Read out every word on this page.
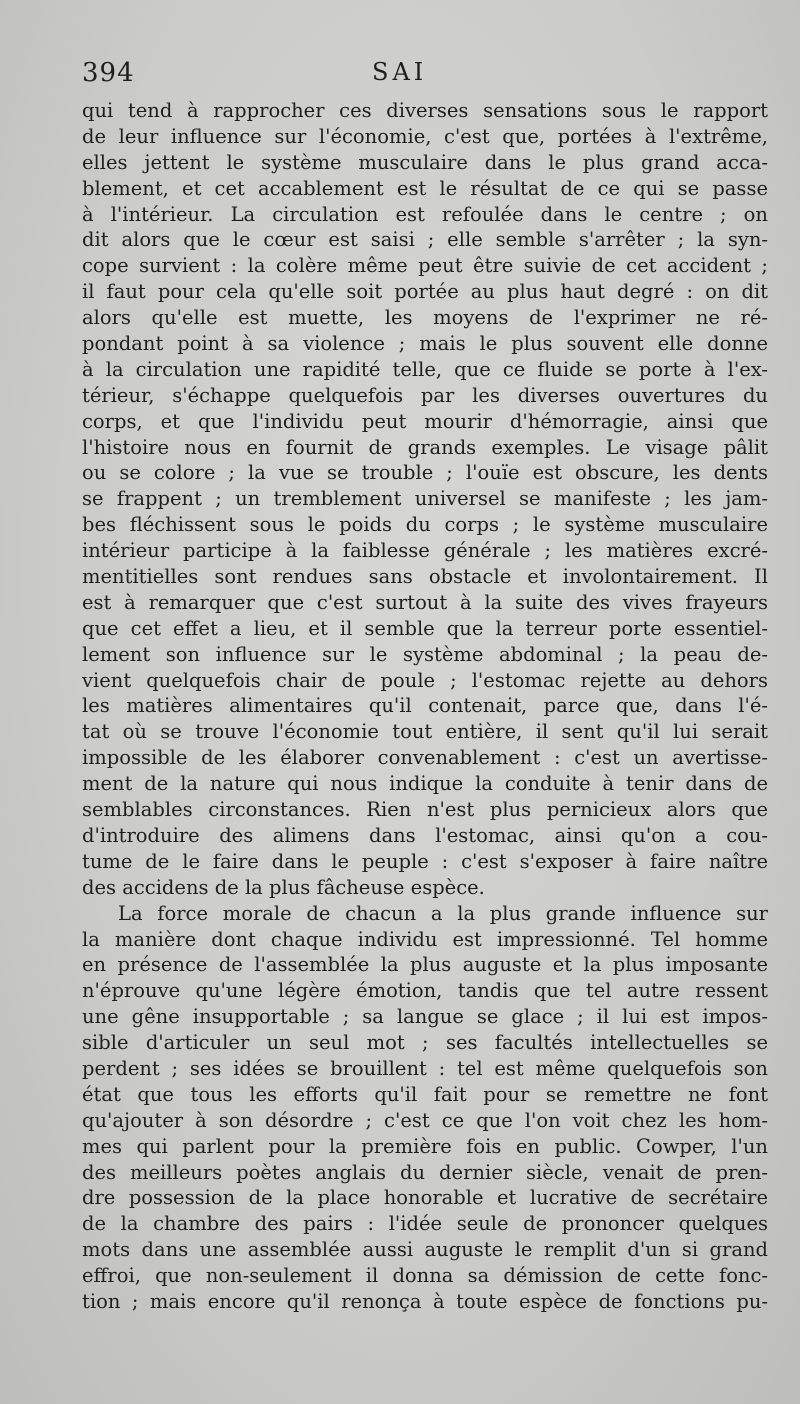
394	SAI
qui tend à rapprocher ces diverses sensations sous le rapport
de leur influence sur l'économie, c'est que, portées à l'extrême,
elles jettent le système musculaire dans le plus grand acca-
blement, et cet accablement est le résultat de ce qui se passe
à l'intérieur. La circulation est refoulée dans le centre ; on
dit alors que le cœur est saisi ; elle semble s'arrêter ; la syn-
cope survient : la colère même peut être suivie de cet accident ;
il faut pour cela qu'elle soit portée au plus haut degré : on dit
alors qu'elle est muette, les moyens de l'exprimer ne ré-
pondant point à sa violence ; mais le plus souvent elle donne
à la circulation une rapidité telle, que ce fluide se porte à l'ex-
térieur, s'échappe quelquefois par les diverses ouvertures du
corps, et que l'individu peut mourir d'hémorragie, ainsi que
l'histoire nous en fournit de grands exemples. Le visage pâlit
ou se colore ; la vue se trouble ; l'ouïe est obscure, les dents
se frappent ; un tremblement universel se manifeste ; les jam-
bes fléchissent sous le poids du corps ; le système musculaire
intérieur participe à la faiblesse générale ; les matières excré-
mentitielles sont rendues sans obstacle et involontairement. Il
est à remarquer que c'est surtout à la suite des vives frayeurs
que cet effet a lieu, et il semble que la terreur porte essentiel-
lement son influence sur le système abdominal ; la peau de-
vient quelquefois chair de poule ; l'estomac rejette au dehors
les matières alimentaires qu'il contenait, parce que, dans l'é-
tat où se trouve l'économie tout entière, il sent qu'il lui serait
impossible de les élaborer convenablement : c'est un avertisse-
ment de la nature qui nous indique la conduite à tenir dans de
semblables circonstances. Rien n'est plus pernicieux alors que
d'introduire des alimens dans l'estomac, ainsi qu'on a cou-
tume de le faire dans le peuple : c'est s'exposer à faire naître
des accidens de la plus fâcheuse espèce.
La force morale de chacun a la plus grande influence sur
la manière dont chaque individu est impressionné. Tel homme
en présence de l'assemblée la plus auguste et la plus imposante
n'éprouve qu'une légère émotion, tandis que tel autre ressent
une gêne insupportable ; sa langue se glace ; il lui est impos-
sible d'articuler un seul mot ; ses facultés intellectuelles se
perdent ; ses idées se brouillent : tel est même quelquefois son
état que tous les efforts qu'il fait pour se remettre ne font
qu'ajouter à son désordre ; c'est ce que l'on voit chez les hom-
mes qui parlent pour la première fois en public. Cowper, l'un
des meilleurs poètes anglais du dernier siècle, venait de pren-
dre possession de la place honorable et lucrative de secrétaire
de la chambre des pairs : l'idée seule de prononcer quelques
mots dans une assemblée aussi auguste le remplit d'un si grand
effroi, que non-seulement il donna sa démission de cette fonc-
tion ; mais encore qu'il renonça à toute espèce de fonctions pu-
